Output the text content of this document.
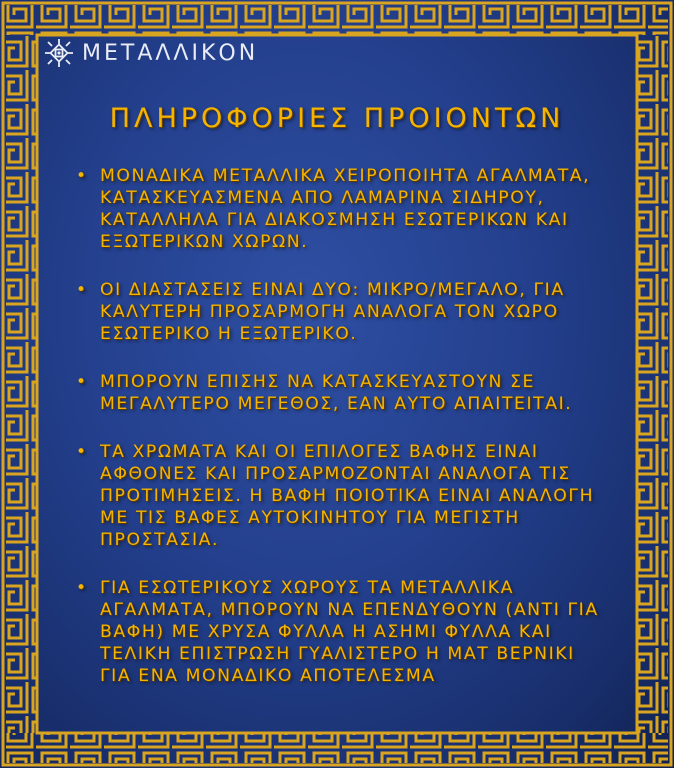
ΜΕΤΑΛΛΙΚΟΝ
ΠΛΗΡΟΦΟΡΙΕΣ ΠΡΟΙΟΝΤΩΝ
• ΜΟΝΑΔΙΚΑ ΜΕΤΑΛΛΙΚΑ ΧΕΙΡΟΠΟΙΗΤΑ ΑΓΑΛΜΑΤΑ, ΚΑΤΑΣΚΕΥΑΣΜΕΝΑ ΑΠΟ ΛΑΜΑΡΙΝΑ ΣΙΔΗΡΟΥ, ΚΑΤΑΛΛΗΛΑ ΓΙΑ ΔΙΑΚΟΣΜΗΣΗ ΕΣΩΤΕΡΙΚΩΝ ΚΑΙ ΕΞΩΤΕΡΙΚΩΝ ΧΩΡΩΝ.
• ΟΙ ΔΙΑΣΤΑΣΕΙΣ ΕΙΝΑΙ ΔΥΟ: ΜΙΚΡΟ/ΜΕΓΑΛΟ, ΓΙΑ ΚΑΛΥΤΕΡΗ ΠΡΟΣΑΡΜΟΓΗ ΑΝΑΛΟΓΑ ΤΟΝ ΧΩΡΟ ΕΣΩΤΕΡΙΚΟ Η ΕΞΩΤΕΡΙΚΟ.
• ΜΠΟΡΟΥΝ ΕΠΙΣΗΣ ΝΑ ΚΑΤΑΣΚΕΥΑΣΤΟΥΝ ΣΕ ΜΕΓΑΛΥΤΕΡΟ ΜΕΓΕΘΟΣ, ΕΑΝ ΑΥΤΟ ΑΠΑΙΤΕΙΤΑΙ.
• ΤΑ ΧΡΩΜΑΤΑ ΚΑΙ ΟΙ ΕΠΙΛΟΓΕΣ ΒΑΦΗΣ ΕΙΝΑΙ ΑΦΘΟΝΕΣ ΚΑΙ ΠΡΟΣΑΡΜΟΖΟΝΤΑΙ ΑΝΑΛΟΓΑ ΤΙΣ ΠΡΟΤΙΜΗΣΕΙΣ. Η ΒΑΦΗ ΠΟΙΟΤΙΚΑ ΕΙΝΑΙ ΑΝΑΛΟΓΗ ΜΕ ΤΙΣ ΒΑΦΕΣ ΑΥΤΟΚΙΝΗΤΟΥ ΓΙΑ ΜΕΓΙΣΤΗ ΠΡΟΣΤΑΣΙΑ.
• ΓΙΑ ΕΣΩΤΕΡΙΚΟΥΣ ΧΩΡΟΥΣ ΤΑ ΜΕΤΑΛΛΙΚΑ ΑΓΑΛΜΑΤΑ, ΜΠΟΡΟΥΝ ΝΑ ΕΠΕΝΔΥΘΟΥΝ (ΑΝΤΙ ΓΙΑ ΒΑΦΗ) ΜΕ ΧΡΥΣΑ ΦΥΛΛΑ Η ΑΣΗΜΙ ΦΥΛΛΑ ΚΑΙ ΤΕΛΙΚΗ ΕΠΙΣΤΡΩΣΗ ΓΥΑΛΙΣΤΕΡΟ Η ΜΑΤ ΒΕΡΝΙΚΙ ΓΙΑ ΕΝΑ ΜΟΝΑΔΙΚΟ ΑΠΟΤΕΛΕΣΜΑ
